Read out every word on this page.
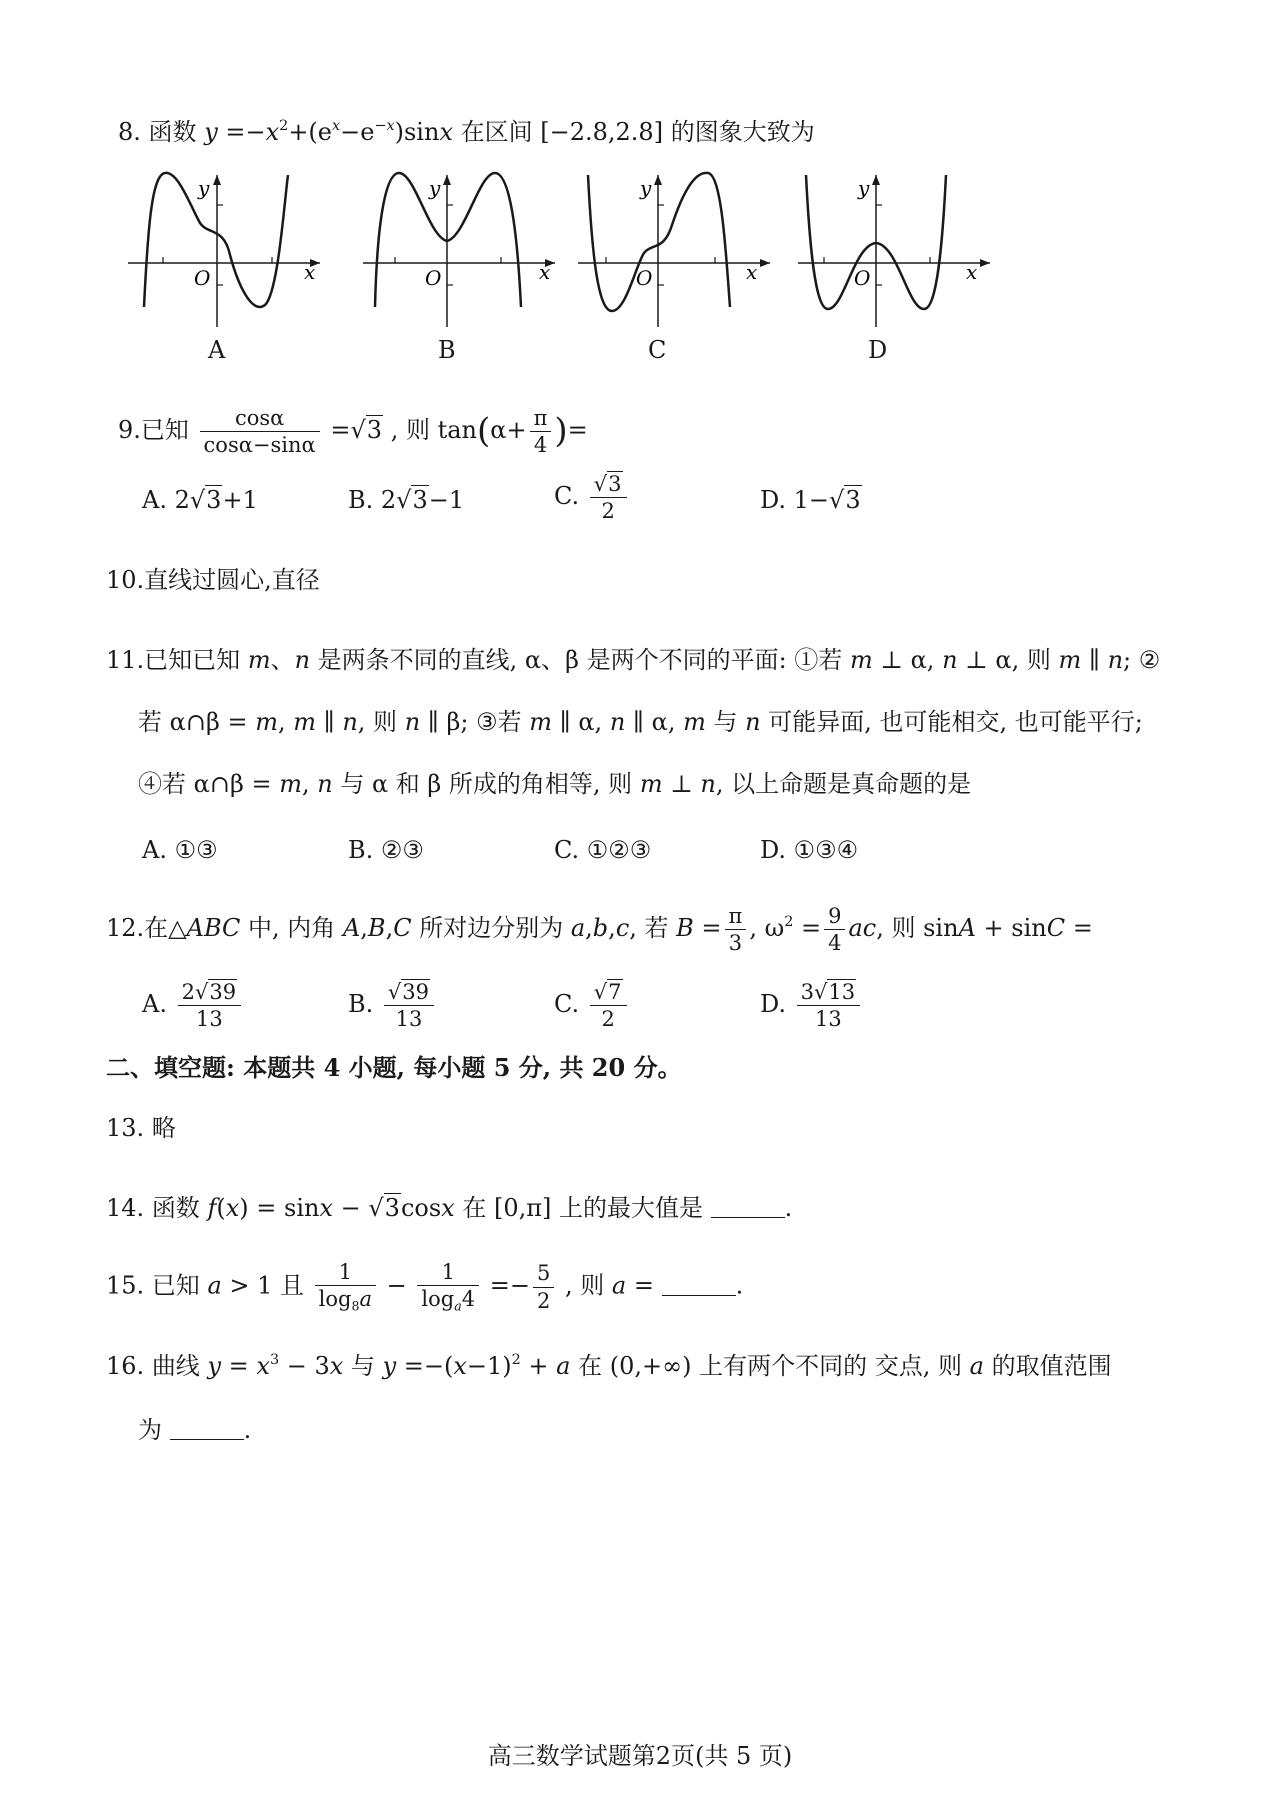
8. 函数 $y =-x^2+(e^x-e^{-x})\sin x$ 在区间 [−2.8,2.8] 的图象大致为
y
x
O
A
y
x
O
B
y
x
O
C
y
x
O
D
9.已知 $\frac{\cos\alpha}{\cos\alpha-\sin\alpha} =√3$ , 则 $\tan(\alpha+ \frac{\pi}{4}$ )=
A. 2√3+1	B. 2√3−1	C. $\frac{√3}{2}$	D. 1−√3
10.直线过圆心,直径
11.已知已知 m、n 是两条不同的直线, α、β 是两个不同的平面: ①若 m ⊥ α, n ⊥ α, 则 m ∥ n; ②
若 α∩β = m, m ∥ n, 则 n ∥ β; ③若 m ∥ α, n ∥ α, m 与 n 可能异面, 也可能相交, 也可能平行;
④若 α∩β = m, n 与 α 和 β 所成的角相等, 则 m ⊥ n, 以上命题是真命题的是
A. ①③	B. ②③	C. ①②③	D. ①③④
12.在△ABC 中, 内角 A,B,C 所对边分别为 a,b,c, 若 $B = \frac{\pi}{3}$ , $\omega^2 = \frac{9}{4}$ ac, 则 sinA + sinC =
A. $\frac{2√39}{13}$	B. $\frac{√39}{13}$	C. $\frac{√7}{2}$	D. $\frac{3√13}{13}$
二、填空题: 本题共 4 小题, 每小题 5 分, 共 20 分。
13. 略
14. 函数 f(x) = sinx − √3cosx 在 [0,π] 上的最大值是	.
15. 已知 a > 1 且 $\frac{1}{\log_8a} - \frac{1}{\log_a4} =- \frac{5}{2}$ , 则 a =	.
16. 曲线 $y = x^3 - 3x$ 与 $y =-(x-1)^2 + a$ 在 (0,+∞) 上有两个不同的 交点, 则 a 的取值范围
为	.
高三数学试题第2页(共 5 页)
